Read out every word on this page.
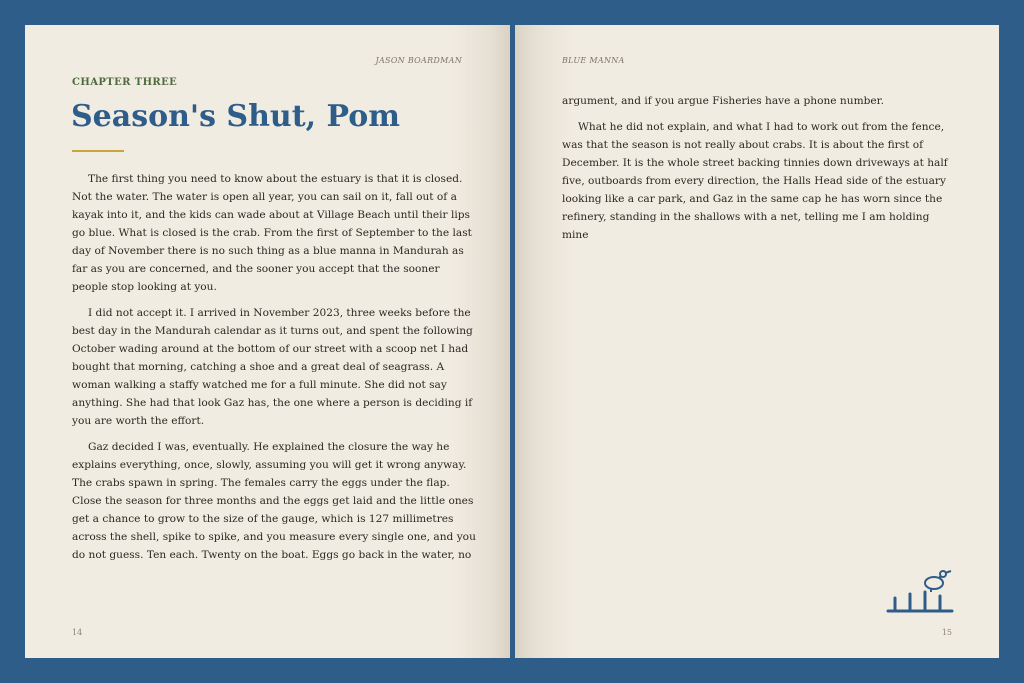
JASON BOARDMAN
CHAPTER THREE
Season's Shut, Pom

The first thing you need to know about the estuary is that it is closed. Not the water. The water is open all year, you can sail on it, fall out of a kayak into it, and the kids can wade about at Village Beach until their lips go blue. What is closed is the crab. From the first of September to the last day of November there is no such thing as a blue manna in Mandurah as far as you are concerned, and the sooner you accept that the sooner people stop looking at you.

I did not accept it. I arrived in November 2023, three weeks before the best day in the Mandurah calendar as it turns out, and spent the following October wading around at the bottom of our street with a scoop net I had bought that morning, catching a shoe and a great deal of seagrass. A woman walking a staffy watched me for a full minute. She did not say anything. She had that look Gaz has, the one where a person is deciding if you are worth the effort.

Gaz decided I was, eventually. He explained the closure the way he explains everything, once, slowly, assuming you will get it wrong anyway. The crabs spawn in spring. The females carry the eggs under the flap. Close the season for three months and the eggs get laid and the little ones get a chance to grow to the size of the gauge, which is 127 millimetres across the shell, spike to spike, and you measure every single one, and you do not guess. Ten each. Twenty on the boat. Eggs go back in the water, no

14
BLUE MANNA

argument, and if you argue Fisheries have a phone number.

What he did not explain, and what I had to work out from the fence, was that the season is not really about crabs. It is about the first of December. It is the whole street backing tinnies down driveways at half five, outboards from every direction, the Halls Head side of the estuary looking like a car park, and Gaz in the same cap he has worn since the refinery, standing in the shallows with a net, telling me I am holding mine

15
